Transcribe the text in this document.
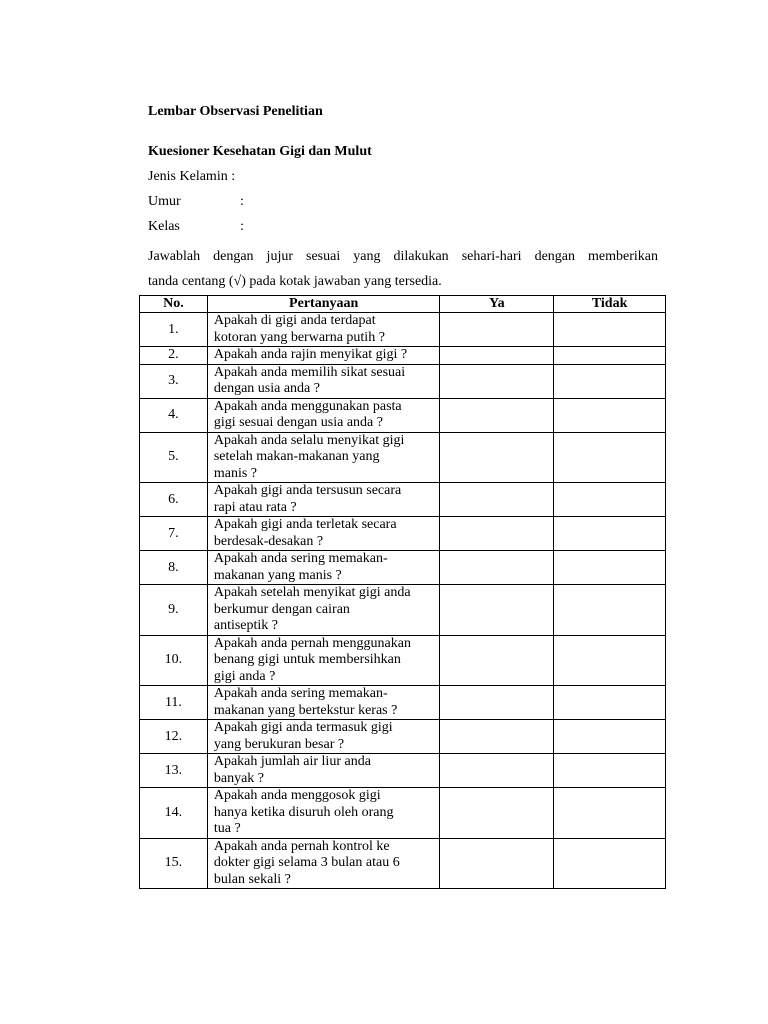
Lembar Observasi Penelitian
Kuesioner Kesehatan Gigi dan Mulut
Jenis Kelamin :
Umur	:
Kelas	:
Jawablah dengan jujur sesuai yang dilakukan sehari-hari dengan memberikan
tanda centang (√) pada kotak jawaban yang tersedia.
No.	Pertanyaan	Ya	Tidak
1.	Apakah di gigi anda terdapat
kotoran yang berwarna putih ?		

2.	Apakah anda rajin menyikat gigi ?		

3.	Apakah anda memilih sikat sesuai
dengan usia anda ?		

4.	Apakah anda menggunakan pasta
gigi sesuai dengan usia anda ?		

5.	Apakah anda selalu menyikat gigi
setelah makan-makanan yang
manis ?		

6.	Apakah gigi anda tersusun secara
rapi atau rata ?		

7.	Apakah gigi anda terletak secara
berdesak-desakan ?		

8.	Apakah anda sering memakan-
makanan yang manis ?		

9.	Apakah setelah menyikat gigi anda
berkumur dengan cairan
antiseptik ?		

10.	Apakah anda pernah menggunakan
benang gigi untuk membersihkan
gigi anda ?		

11.	Apakah anda sering memakan-
makanan yang bertekstur keras ?		

12.	Apakah gigi anda termasuk gigi
yang berukuran besar ?		

13.	Apakah jumlah air liur anda
banyak ?		

14.	Apakah anda menggosok gigi
hanya ketika disuruh oleh orang
tua ?		

15.	Apakah anda pernah kontrol ke
dokter gigi selama 3 bulan atau 6
bulan sekali ?		
